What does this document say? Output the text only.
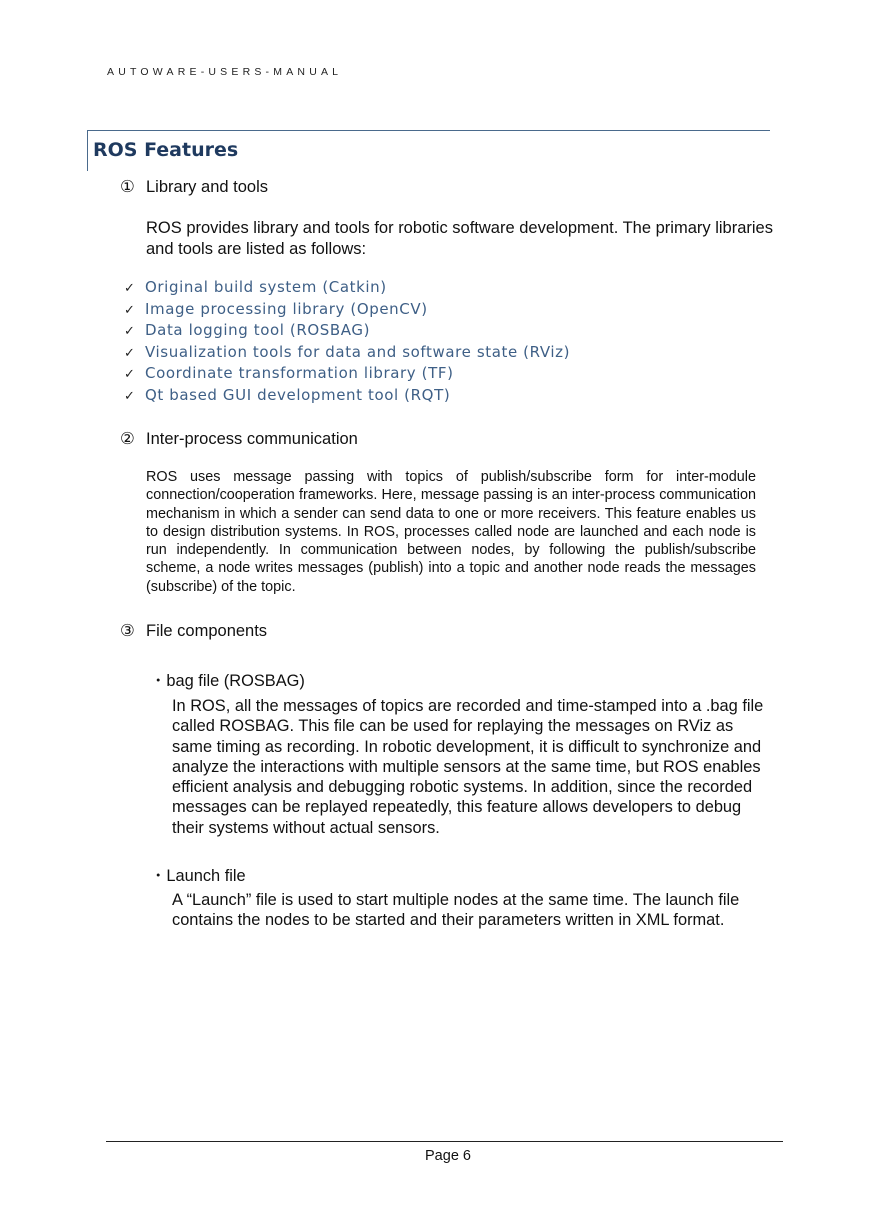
AUTOWARE-USERS-MANUAL
ROS Features
① Library and tools

ROS provides library and tools for robotic software development. The primary libraries and tools are listed as follows:

✓ Original build system (Catkin)
✓ Image processing library (OpenCV)
✓ Data logging tool (ROSBAG)
✓ Visualization tools for data and software state (RViz)
✓ Coordinate transformation library (TF)
✓ Qt based GUI development tool (RQT)
② Inter-process communication

ROS uses message passing with topics of publish/subscribe form for inter-module connection/cooperation frameworks. Here, message passing is an inter-process communication mechanism in which a sender can send data to one or more receivers. This feature enables us to design distribution systems. In ROS, processes called node are launched and each node is run independently. In communication between nodes, by following the publish/subscribe scheme, a node writes messages (publish) into a topic and another node reads the messages (subscribe) of the topic.

③ File components
・bag file (ROSBAG)

In ROS, all the messages of topics are recorded and time-stamped into a .bag file called ROSBAG. This file can be used for replaying the messages on RViz as same timing as recording. In robotic development, it is difficult to synchronize and analyze the interactions with multiple sensors at the same time, but ROS enables efficient analysis and debugging robotic systems. In addition, since the recorded messages can be replayed repeatedly, this feature allows developers to debug their systems without actual sensors.

・Launch file

A “Launch” file is used to start multiple nodes at the same time. The launch file contains the nodes to be started and their parameters written in XML format.

Page 6
